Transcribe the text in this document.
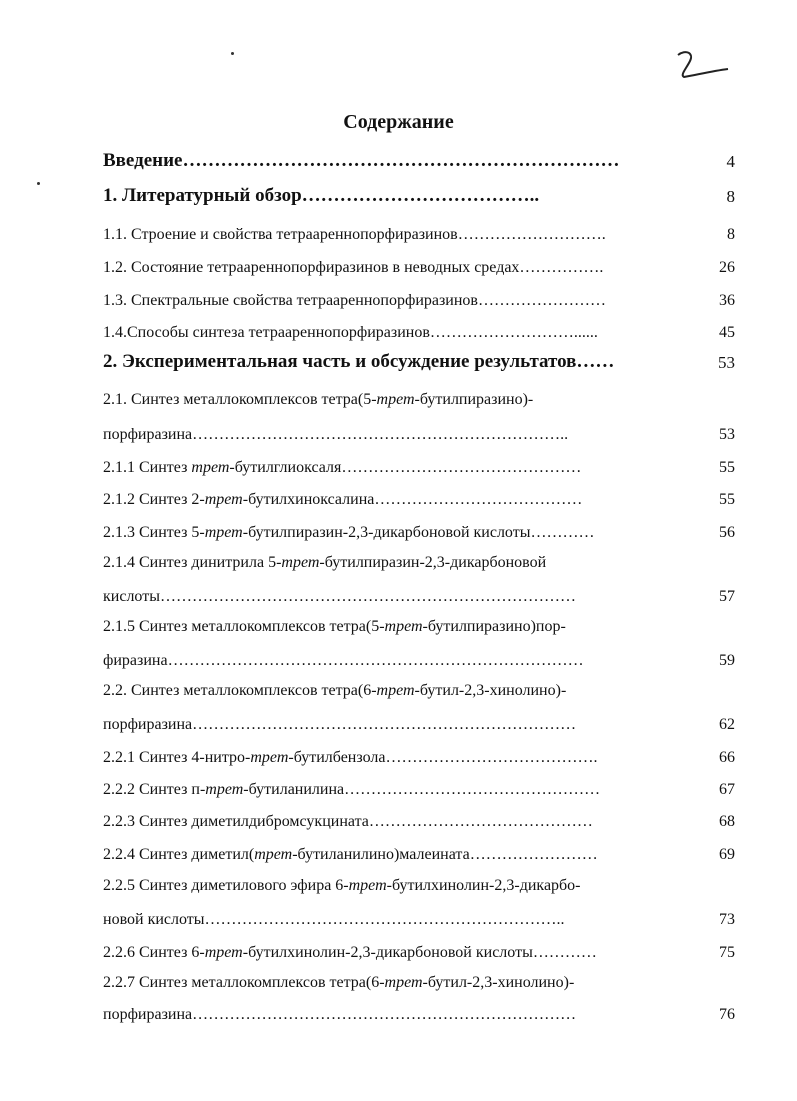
Содержание
Введение……………………………………………………………	4
1. Литературный обзор………………………………..	8
1.1. Строение и свойства тетраареннопорфиразинов……………………….	8
1.2. Состояние тетраареннопорфиразинов в неводных средах…………….	26
1.3. Спектральные свойства тетраареннопорфиразинов……………………	36
1.4.Способы синтеза тетраареннопорфиразинов………………………......	45
2. Экспериментальная часть и обсуждение результатов……	53
2.1. Синтез металлокомплексов тетра(5-трет-бутилпиразино)-
порфиразина……………………………………………………………..	53
2.1.1 Синтез трет-бутилглиоксаля………………………………………	55
2.1.2 Синтез 2-трет-бутилхиноксалина…………………………………	55
2.1.3 Синтез 5-трет-бутилпиразин-2,3-дикарбоновой кислоты…………	56
2.1.4 Синтез динитрила 5-трет-бутилпиразин-2,3-дикарбоновой
кислоты……………………………………………………………………	57
2.1.5 Синтез металлокомплексов тетра(5-трет-бутилпиразино)пор-
фиразина……………………………………………………………………	59
2.2. Синтез металлокомплексов тетра(6-трет-бутил-2,3-хинолино)-
порфиразина………………………………………………………………	62
2.2.1 Синтез 4-нитро-трет-бутилбензола………………………………….	66
2.2.2 Синтез п-трет-бутиланилина…………………………………………	67
2.2.3 Синтез диметилдибромсукцината……………………………………	68
2.2.4 Синтез диметил(трет-бутиланилино)малеината……………………	69
2.2.5 Синтез диметилового эфира 6-трет-бутилхинолин-2,3-дикарбо-
новой кислоты…………………………………………………………..	73
2.2.6 Синтез 6-трет-бутилхинолин-2,3-дикарбоновой кислоты…………	75
2.2.7 Синтез металлокомплексов тетра(6-трет-бутил-2,3-хинолино)-
порфиразина………………………………………………………………	76
